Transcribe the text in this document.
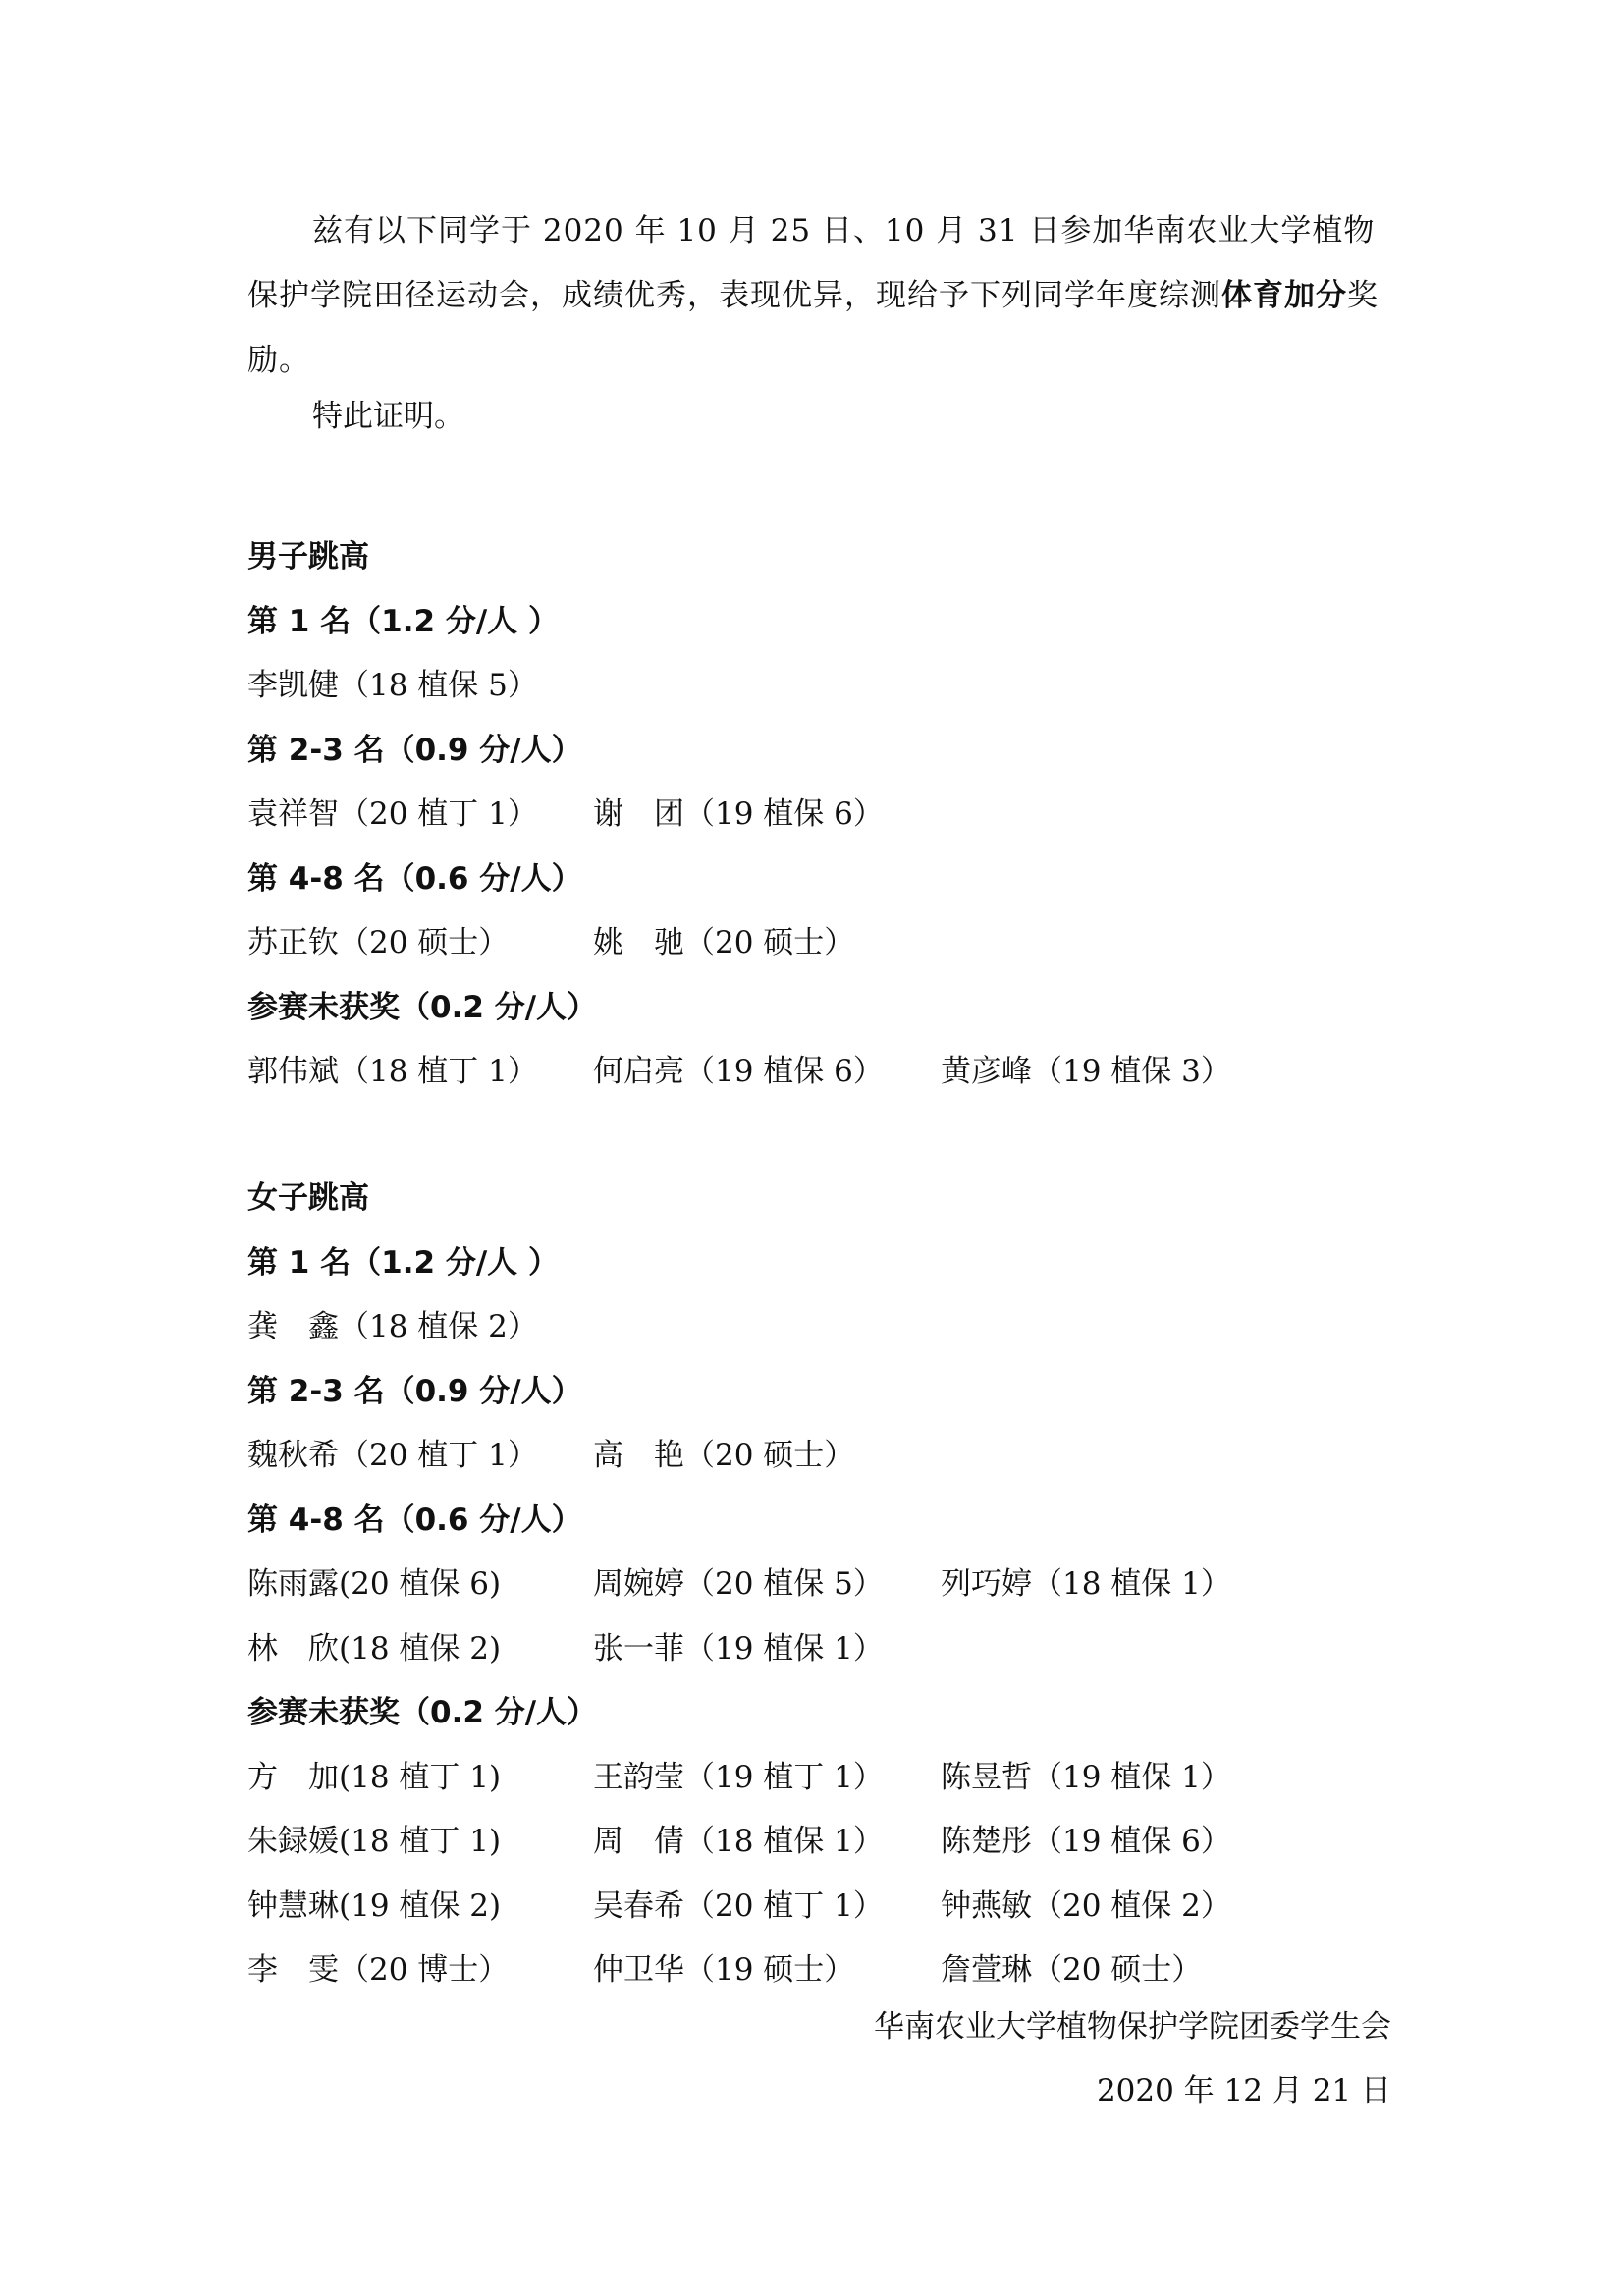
兹有以下同学于 2020 年 10 月 25 日、10 月 31 日参加华南农业大学植物保护学院田径运动会，成绩优秀，表现优异，现给予下列同学年度综测体育加分奖励。
特此证明。
男子跳高
第 1 名（1.2 分/人 ）
李凯健（18 植保 5）
第 2-3 名（0.9 分/人）
袁祥智（20 植丁 1） 谢　团（19 植保 6）
第 4-8 名（0.6 分/人）
苏正钦（20 硕士）	姚　驰（20 硕士）
参赛未获奖（0.2 分/人）
郭伟斌（18 植丁 1） 何启亮（19 植保 6） 黄彦峰（19 植保 3）
女子跳高
第 1 名（1.2 分/人 ）
龚　鑫（18 植保 2）
第 2-3 名（0.9 分/人）
魏秋希（20 植丁 1） 高　艳（20 硕士）
第 4-8 名（0.6 分/人）
陈雨露(20 植保 6)	周婉婷（20 植保 5） 列巧婷（18 植保 1）
林　欣(18 植保 2)	张一菲（19 植保 1）
参赛未获奖（0.2 分/人）
方　加(18 植丁 1)	王韵莹（19 植丁 1） 陈昱哲（19 植保 1）
朱録媛(18 植丁 1)	周　倩（18 植保 1） 陈楚彤（19 植保 6）
钟慧琳(19 植保 2)	吴春希（20 植丁 1） 钟燕敏（20 植保 2）
李　雯（20 博士）	仲卫华（19 硕士）	詹萱琳（20 硕士）
华南农业大学植物保护学院团委学生会
2020 年 12 月 21 日
